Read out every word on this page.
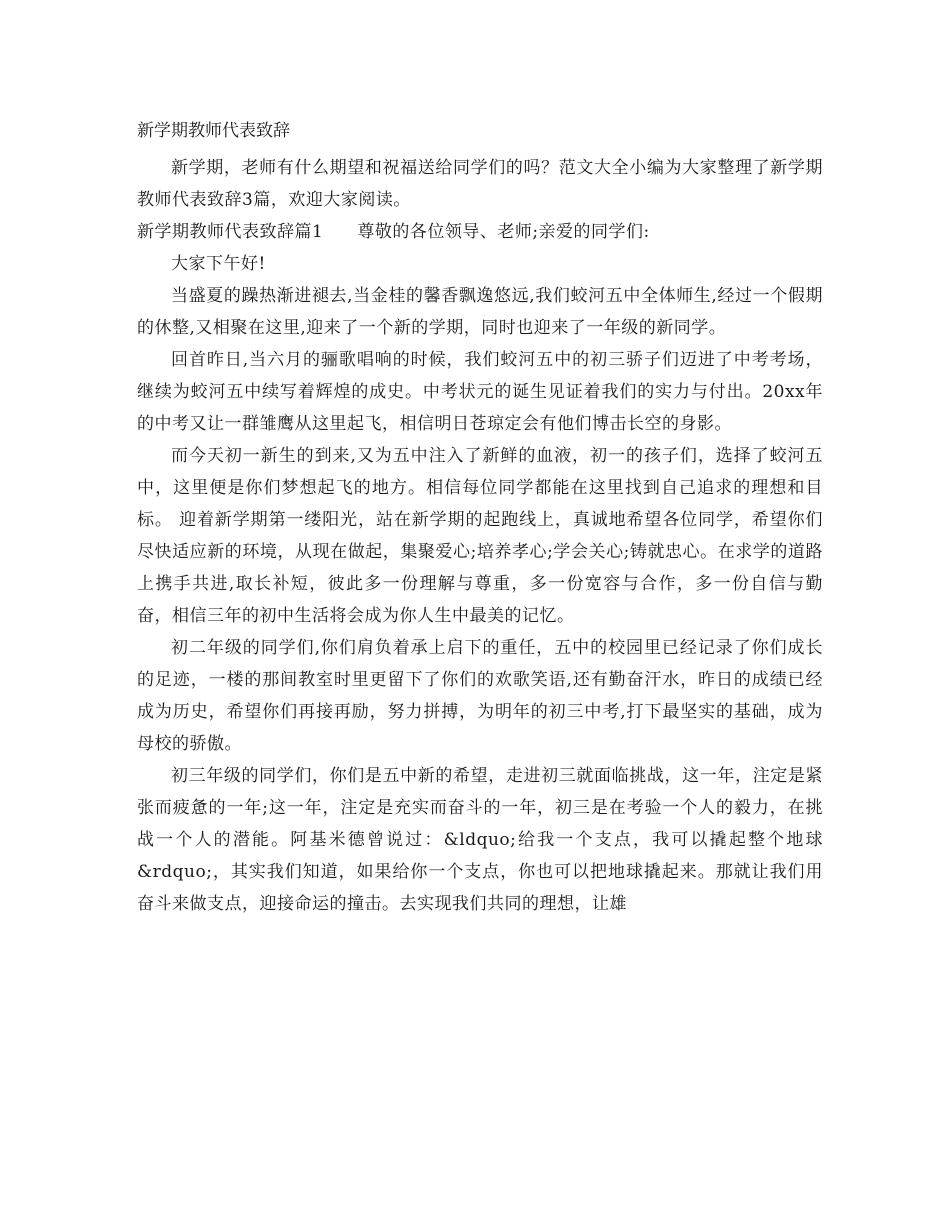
新学期教师代表致辞

新学期，老师有什么期望和祝福送给同学们的吗？范文大全小编为大家整理了新学期教师代表致辞3篇，欢迎大家阅读。

新学期教师代表致辞篇1 尊敬的各位领导、老师;亲爱的同学们:

大家下午好!

当盛夏的躁热渐进褪去,当金桂的馨香飘逸悠远,我们蛟河五中全体师生,经过一个假期的休整,又相聚在这里,迎来了一个新的学期，同时也迎来了一年级的新同学。

回首昨日,当六月的骊歌唱响的时候，我们蛟河五中的初三骄子们迈进了中考考场，继续为蛟河五中续写着辉煌的成史。中考状元的诞生见证着我们的实力与付出。20xx年的中考又让一群雏鹰从这里起飞，相信明日苍琼定会有他们博击长空的身影。

而今天初一新生的到来,又为五中注入了新鲜的血液，初一的孩子们，选择了蛟河五中，这里便是你们梦想起飞的地方。相信每位同学都能在这里找到自己追求的理想和目标。 迎着新学期第一缕阳光，站在新学期的起跑线上，真诚地希望各位同学，希望你们尽快适应新的环境，从现在做起，集聚爱心;培养孝心;学会关心;铸就忠心。在求学的道路上携手共进,取长补短，彼此多一份理解与尊重，多一份宽容与合作，多一份自信与勤奋，相信三年的初中生活将会成为你人生中最美的记忆。

初二年级的同学们,你们肩负着承上启下的重任，五中的校园里已经记录了你们成长的足迹，一楼的那间教室时里更留下了你们的欢歌笑语,还有勤奋汗水，昨日的成绩已经成为历史，希望你们再接再励，努力拼搏，为明年的初三中考,打下最坚实的基础，成为母校的骄傲。

初三年级的同学们，你们是五中新的希望，走进初三就面临挑战，这一年，注定是紧张而疲惫的一年;这一年，注定是充实而奋斗的一年，初三是在考验一个人的毅力，在挑战一个人的潜能。阿基米德曾说过：&ldquo;给我一个支点，我可以撬起整个地球&rdquo;，其实我们知道，如果给你一个支点，你也可以把地球撬起来。那就让我们用奋斗来做支点，迎接命运的撞击。去实现我们共同的理想，让雄
